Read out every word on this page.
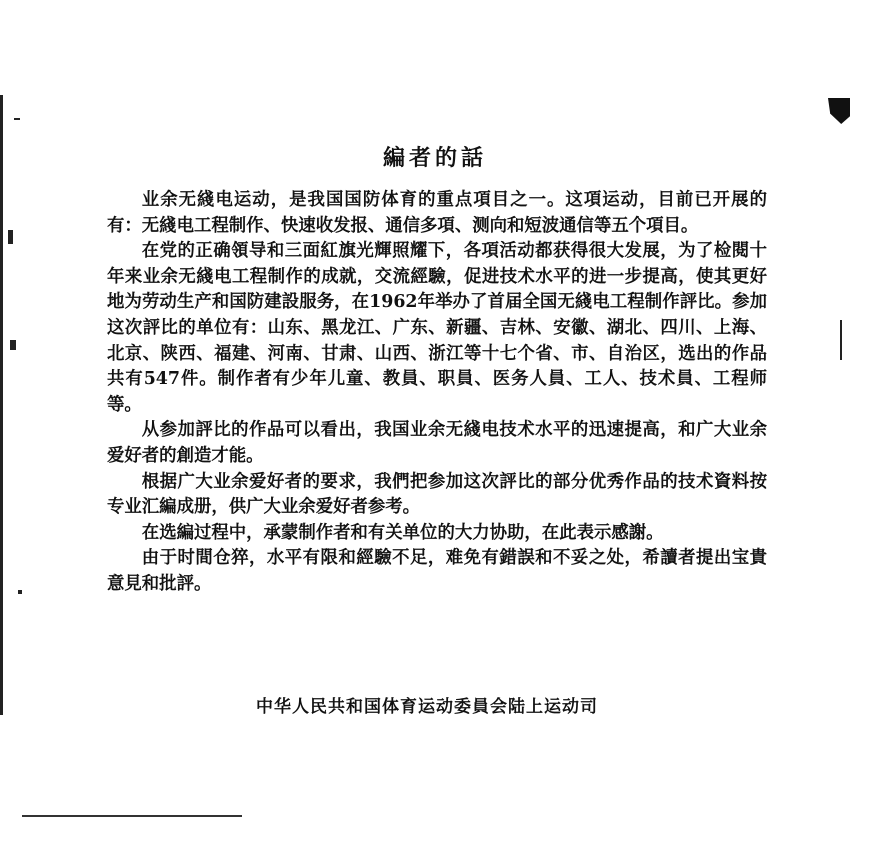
編者的話

业余无綫电运动，是我国国防体育的重点項目之一。这項运动，目前已开展的有：无綫电工程制作、快速收发报、通信多項、测向和短波通信等五个項目。

在党的正确領导和三面紅旗光輝照耀下，各項活动都获得很大发展，为了检閱十年来业余无綫电工程制作的成就，交流經驗，促进技术水平的进一步提高，使其更好地为劳动生产和国防建設服务，在1962年举办了首届全国无綫电工程制作評比。参加这次評比的单位有：山东、黑龙江、广东、新疆、吉林、安徽、湖北、四川、上海、北京、陕西、福建、河南、甘肃、山西、浙江等十七个省、市、自治区，选出的作品共有547件。制作者有少年儿童、教員、职員、医务人員、工人、技术員、工程师等。

从参加評比的作品可以看出，我国业余无綫电技术水平的迅速提高，和广大业余爱好者的創造才能。

根据广大业余爱好者的要求，我們把参加这次評比的部分优秀作品的技术資料按专业汇編成册，供广大业余爱好者参考。

在选編过程中，承蒙制作者和有关单位的大力协助，在此表示感謝。

由于时間仓猝，水平有限和經驗不足，难免有錯誤和不妥之处，希讀者提出宝貴意見和批評。

中华人民共和国体育运动委員会陆上运动司
